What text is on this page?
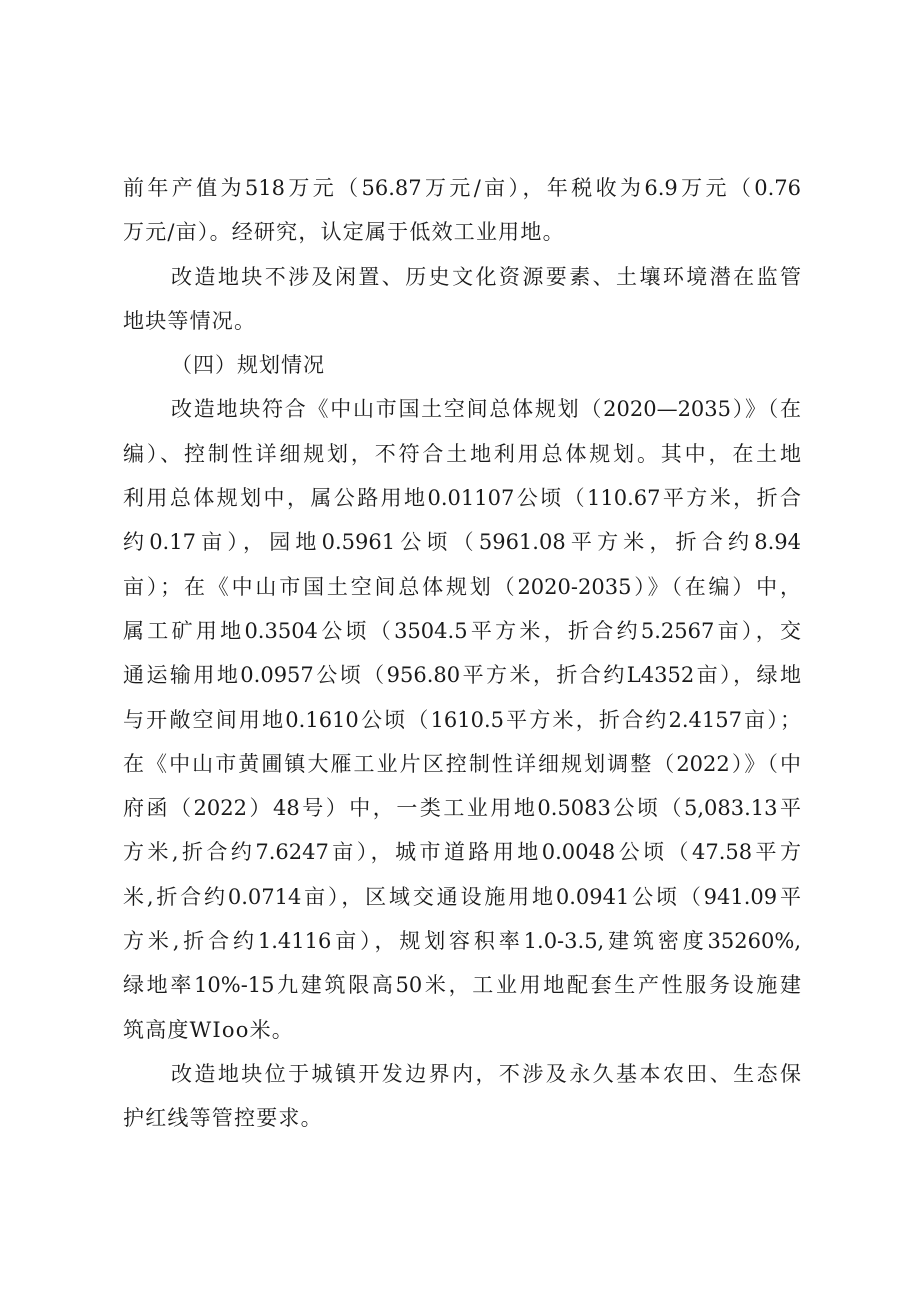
前年产值为518万元（56.87万元/亩），年税收为6.9万元（0.76
万元/亩）。经研究，认定属于低效工业用地。
改造地块不涉及闲置、历史文化资源要素、土壤环境潜在监管
地块等情况。
（四）规划情况
改造地块符合《中山市国土空间总体规划（2020—2035）》（在
编）、控制性详细规划，不符合土地利用总体规划。其中，在土地
利用总体规划中，属公路用地0.01107公顷（110.67平方米，折合
约0.17亩），园地0.5961公顷（5961.08平方米，折合约8.94
亩）；在《中山市国土空间总体规划（2020-2035）》（在编）中，
属工矿用地0.3504公顷（3504.5平方米，折合约5.2567亩），交
通运输用地0.0957公顷（956.80平方米，折合约L4352亩），绿地
与开敞空间用地0.1610公顷（1610.5平方米，折合约2.4157亩）；
在《中山市黄圃镇大雁工业片区控制性详细规划调整（2022）》（中
府函（2022）48号）中，一类工业用地0.5083公顷（5,083.13平
方米,折合约7.6247亩），城市道路用地0.0048公顷（47.58平方
米,折合约0.0714亩），区域交通设施用地0.0941公顷（941.09平
方米,折合约1.4116亩），规划容积率1.0-3.5,建筑密度35260%,
绿地率10%-15九建筑限高50米，工业用地配套生产性服务设施建
筑高度WIoo米。
改造地块位于城镇开发边界内，不涉及永久基本农田、生态保
护红线等管控要求。
